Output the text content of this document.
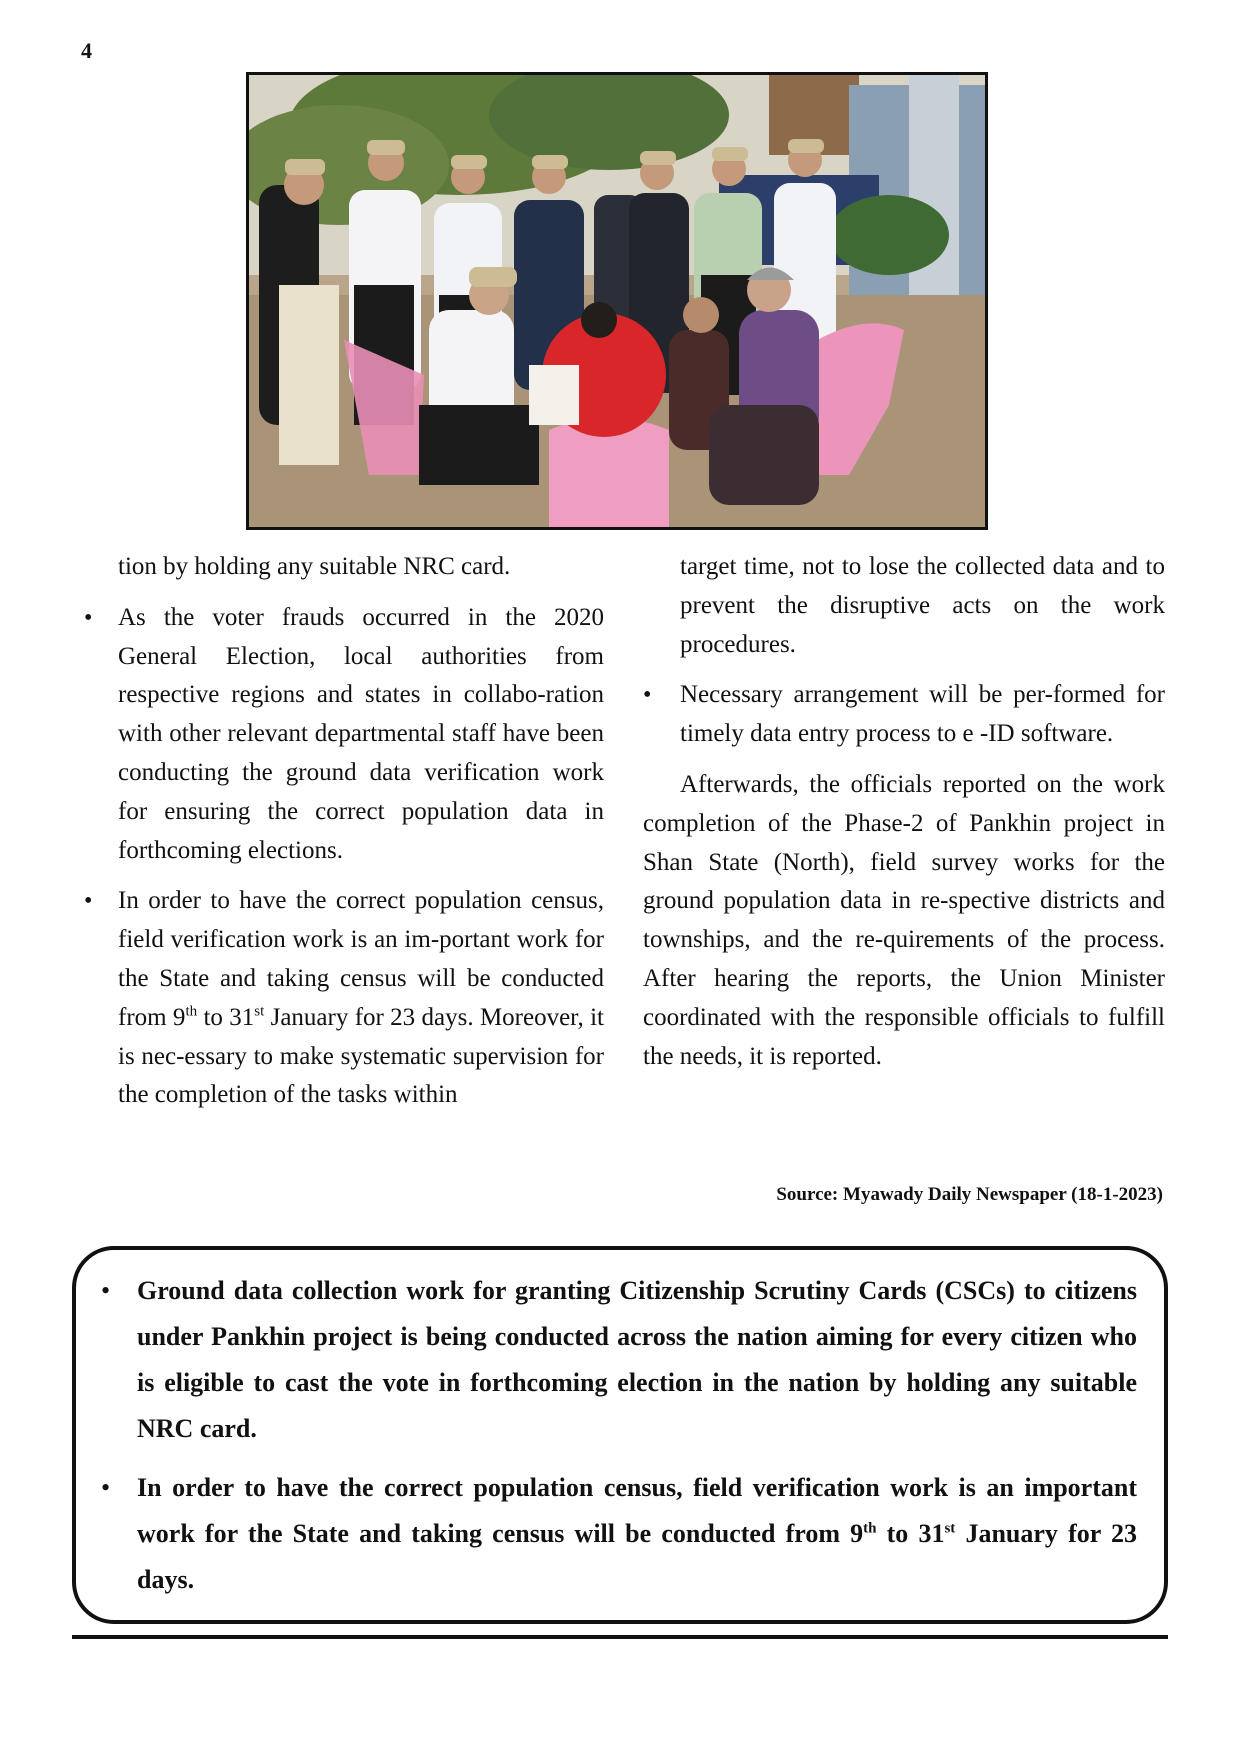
4

tion by holding any suitable NRC card.

• As the voter frauds occurred in the 2020 General Election, local authorities from respective regions and states in collabo-ration with other relevant departmental staff have been conducting the ground data verification work for ensuring the correct population data in forthcoming elections.
• In order to have the correct population census, field verification work is an im-portant work for the State and taking census will be conducted from 9th to 31st January for 23 days. Moreover, it is nec-essary to make systematic supervision for the completion of the tasks within

target time, not to lose the collected data and to prevent the disruptive acts on the work procedures.

• Necessary arrangement will be per-formed for timely data entry process to e -ID software.

Afterwards, the officials reported on the work completion of the Phase-2 of Pankhin project in Shan State (North), field survey works for the ground population data in re-spective districts and townships, and the re-quirements of the process. After hearing the reports, the Union Minister coordinated with the responsible officials to fulfill the needs, it is reported.

Source: Myawady Daily Newspaper (18-1-2023)
• Ground data collection work for granting Citizenship Scrutiny Cards (CSCs) to citizens under Pankhin project is being conducted across the nation aiming for every citizen who is eligible to cast the vote in forthcoming election in the nation by holding any suitable NRC card.
• In order to have the correct population census, field verification work is an important work for the State and taking census will be conducted from 9th to 31st January for 23 days.
